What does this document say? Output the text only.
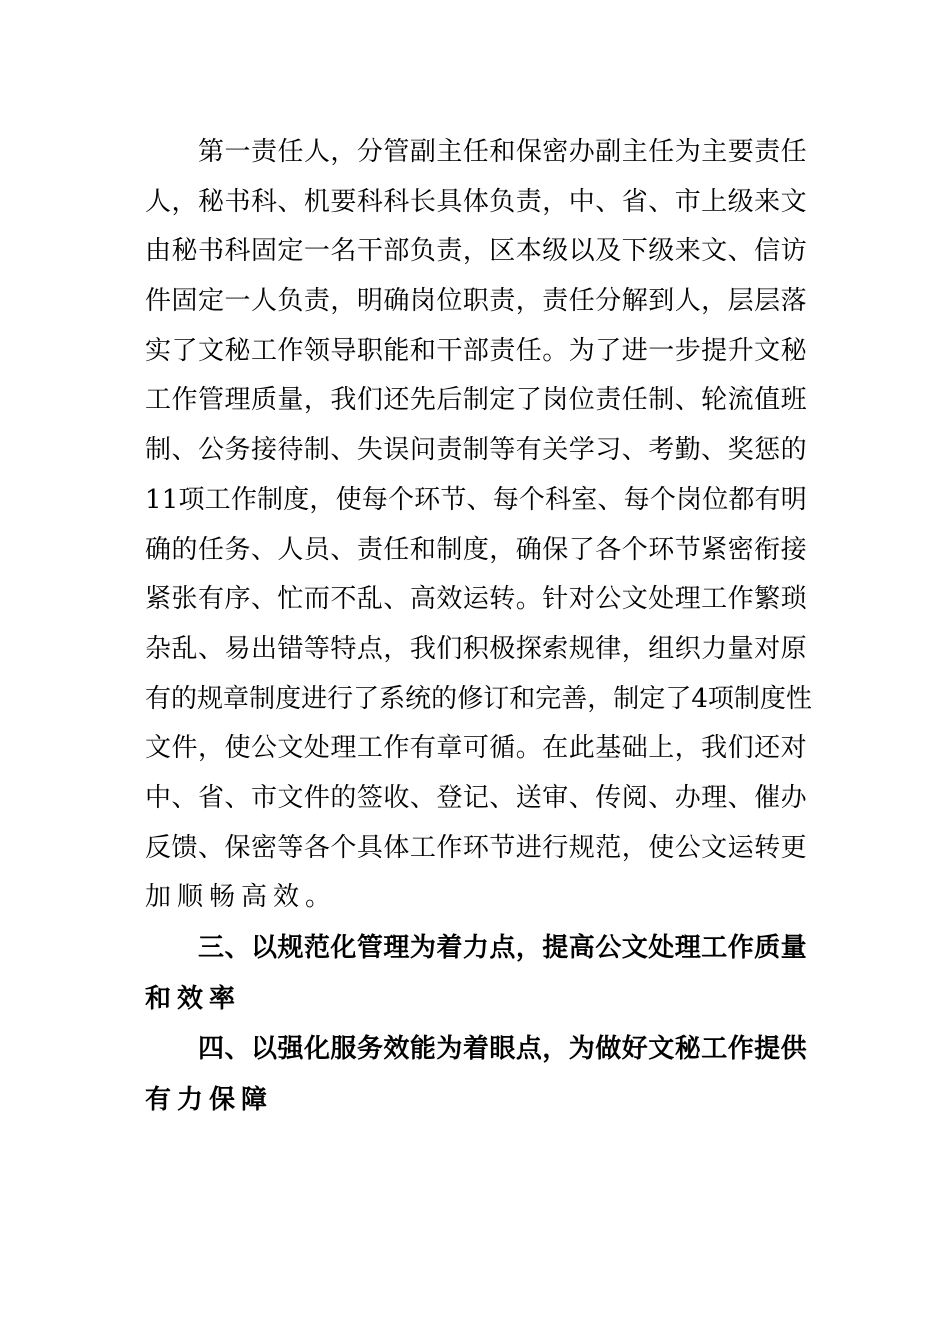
第 一 责 任 人 ， 分 管 副 主 任 和 保 密 办 副 主 任 为 主 要 责 任
人 ， 秘 书 科 、 机 要 科 科 长 具 体 负 责 ， 中 、 省 、 市 上 级 来 文
由 秘 书 科 固 定 一 名 干 部 负 责 ， 区 本 级 以 及 下 级 来 文 、 信 访
件 固 定 一 人 负 责 ， 明 确 岗 位 职 责 ， 责 任 分 解 到 人 ， 层 层 落
实 了 文 秘 工 作 领 导 职 能 和 干 部 责 任 。 为 了 进 一 步 提 升 文 秘
工 作 管 理 质 量 ， 我 们 还 先 后 制 定 了 岗 位 责 任 制 、 轮 流 值 班
制 、 公 务 接 待 制 、 失 误 问 责 制 等 有 关 学 习 、 考 勤 、 奖 惩 的
1 1 项 工 作 制 度 ， 使 每 个 环 节 、 每 个 科 室 、 每 个 岗 位 都 有 明
确 的 任 务 、 人 员 、 责 任 和 制 度 ， 确 保 了 各 个 环 节 紧 密 衔 接
紧 张 有 序 、 忙 而 不 乱 、 高 效 运 转 。 针 对 公 文 处 理 工 作 繁 琐
杂 乱 、 易 出 错 等 特 点 ， 我 们 积 极 探 索 规 律 ， 组 织 力 量 对 原
有 的 规 章 制 度 进 行 了 系 统 的 修 订 和 完 善 ， 制 定 了 4 项 制 度 性
文 件 ， 使 公 文 处 理 工 作 有 章 可 循 。 在 此 基 础 上 ， 我 们 还 对
中 、 省 、 市 文 件 的 签 收 、 登 记 、 送 审 、 传 阅 、 办 理 、 催 办
反 馈 、 保 密 等 各 个 具 体 工 作 环 节 进 行 规 范 ， 使 公 文 运 转 更
加顺畅高效。
三 、 以 规 范 化 管 理 为 着 力 点 ， 提 高 公 文 处 理 工 作 质 量
和效率
四 、 以 强 化 服 务 效 能 为 着 眼 点 ， 为 做 好 文 秘 工 作 提 供
有力保障
